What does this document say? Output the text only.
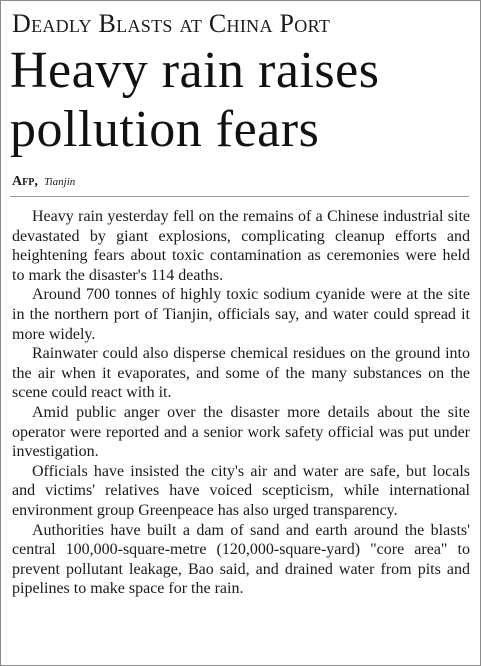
Deadly Blasts at China Port
Heavy rain raises pollution fears
Afp, Tianjin

Heavy rain yesterday fell on the remains of a Chinese industrial site devastated by giant explosions, complicating cleanup efforts and heightening fears about toxic contamination as ceremonies were held to mark the disaster's 114 deaths.

Around 700 tonnes of highly toxic sodium cyanide were at the site in the northern port of Tianjin, officials say, and water could spread it more widely.

Rainwater could also disperse chemical residues on the ground into the air when it evaporates, and some of the many substances on the scene could react with it.

Amid public anger over the disaster more details about the site operator were reported and a senior work safety official was put under investigation.

Officials have insisted the city's air and water are safe, but locals and victims' relatives have voiced scepticism, while international environment group Greenpeace has also urged transparency.

Authorities have built a dam of sand and earth around the blasts' central 100,000-square-metre (120,000-square-yard) "core area" to prevent pollutant leakage, Bao said, and drained water from pits and pipelines to make space for the rain.
